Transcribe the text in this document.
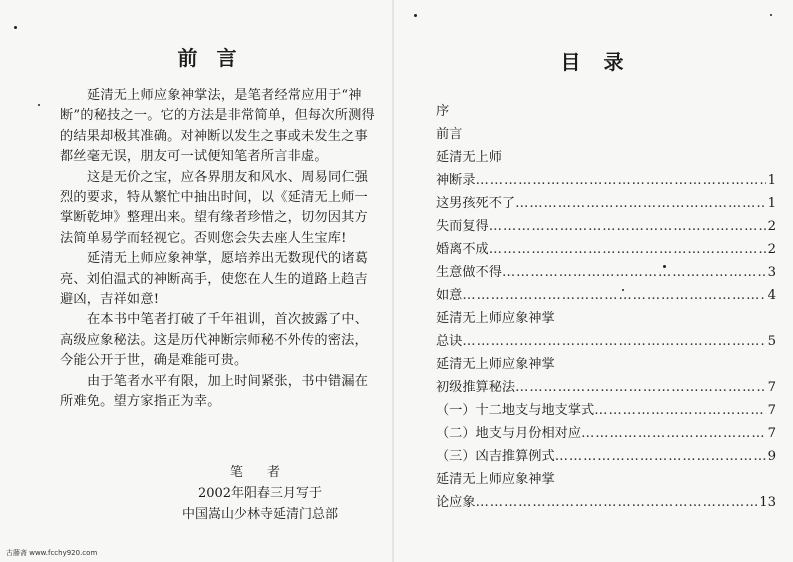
前 言

延清无上师应象神掌法，是笔者经常应用于“神断”的秘技之一。它的方法是非常简单，但每次所测得的结果却极其准确。对神断以发生之事或未发生之事都丝毫无误，朋友可一试便知笔者所言非虚。

这是无价之宝，应各界朋友和风水、周易同仁强烈的要求，特从繁忙中抽出时间，以《延清无上师一掌断乾坤》整理出来。望有缘者珍惜之，切勿因其方法简单易学而轻视它。否则您会失去座人生宝库!

延清无上师应象神掌，愿培养出无数现代的诸葛亮、刘伯温式的神断高手，使您在人生的道路上趋吉避凶，吉祥如意!

在本书中笔者打破了千年祖训，首次披露了中、高级应象秘法。这是历代神断宗师秘不外传的密法，今能公开于世，确是难能可贵。

由于笔者水平有限，加上时间紧张，书中错漏在所难免。望方家指正为幸。

笔 者
2002年阳春三月写于
中国嵩山少林寺延清门总部
目 录
序
前言
延清无上师
神断录 ……………………………………………………………………………………………………	1
这男孩死不了 ……………………………………………………………………………………………………	1
失而复得 ……………………………………………………………………………………………………	2
婚离不成 ……………………………………………………………………………………………………	2
生意做不得 ……………………………………………………………………………………………………	3
如意 ……………………………………………………………………………………………………	4
延清无上师应象神掌
总诀 ……………………………………………………………………………………………………	5
延清无上师应象神掌
初级推算秘法 ……………………………………………………………………………………………………	7
（一）十二地支与地支掌式 ……………………………………………………………………………………………………	7
（二）地支与月份相对应 ……………………………………………………………………………………………………	7
（三）凶吉推算例式 ……………………………………………………………………………………………………	9
延清无上师应象神掌
论应象 ……………………………………………………………………………………………………	13
古藤斋 www.fcchy920.com
